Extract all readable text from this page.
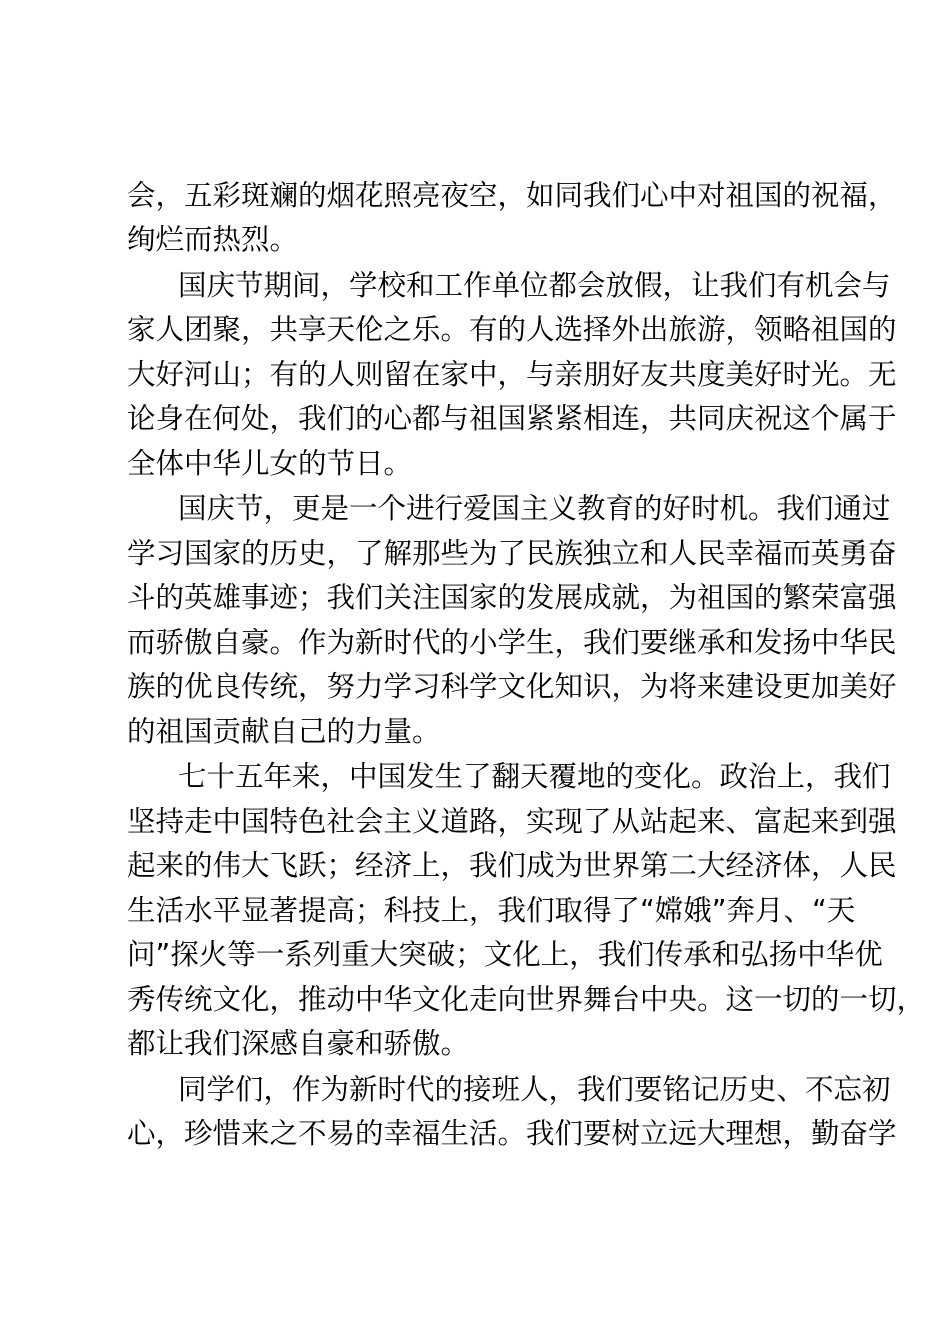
会，五彩斑斓的烟花照亮夜空，如同我们心中对祖国的祝福，
绚烂而热烈。
国庆节期间，学校和工作单位都会放假，让我们有机会与
家人团聚，共享天伦之乐。有的人选择外出旅游，领略祖国的
大好河山；有的人则留在家中，与亲朋好友共度美好时光。无
论身在何处，我们的心都与祖国紧紧相连，共同庆祝这个属于
全体中华儿女的节日。
国庆节，更是一个进行爱国主义教育的好时机。我们通过
学习国家的历史，了解那些为了民族独立和人民幸福而英勇奋
斗的英雄事迹；我们关注国家的发展成就，为祖国的繁荣富强
而骄傲自豪。作为新时代的小学生，我们要继承和发扬中华民
族的优良传统，努力学习科学文化知识，为将来建设更加美好
的祖国贡献自己的力量。
七十五年来，中国发生了翻天覆地的变化。政治上，我们
坚持走中国特色社会主义道路，实现了从站起来、富起来到强
起来的伟大飞跃；经济上，我们成为世界第二大经济体，人民
生活水平显著提高；科技上，我们取得了“嫦娥”奔月、“天
问”探火等一系列重大突破；文化上，我们传承和弘扬中华优
秀传统文化，推动中华文化走向世界舞台中央。这一切的一切，
都让我们深感自豪和骄傲。
同学们，作为新时代的接班人，我们要铭记历史、不忘初
心，珍惜来之不易的幸福生活。我们要树立远大理想，勤奋学
